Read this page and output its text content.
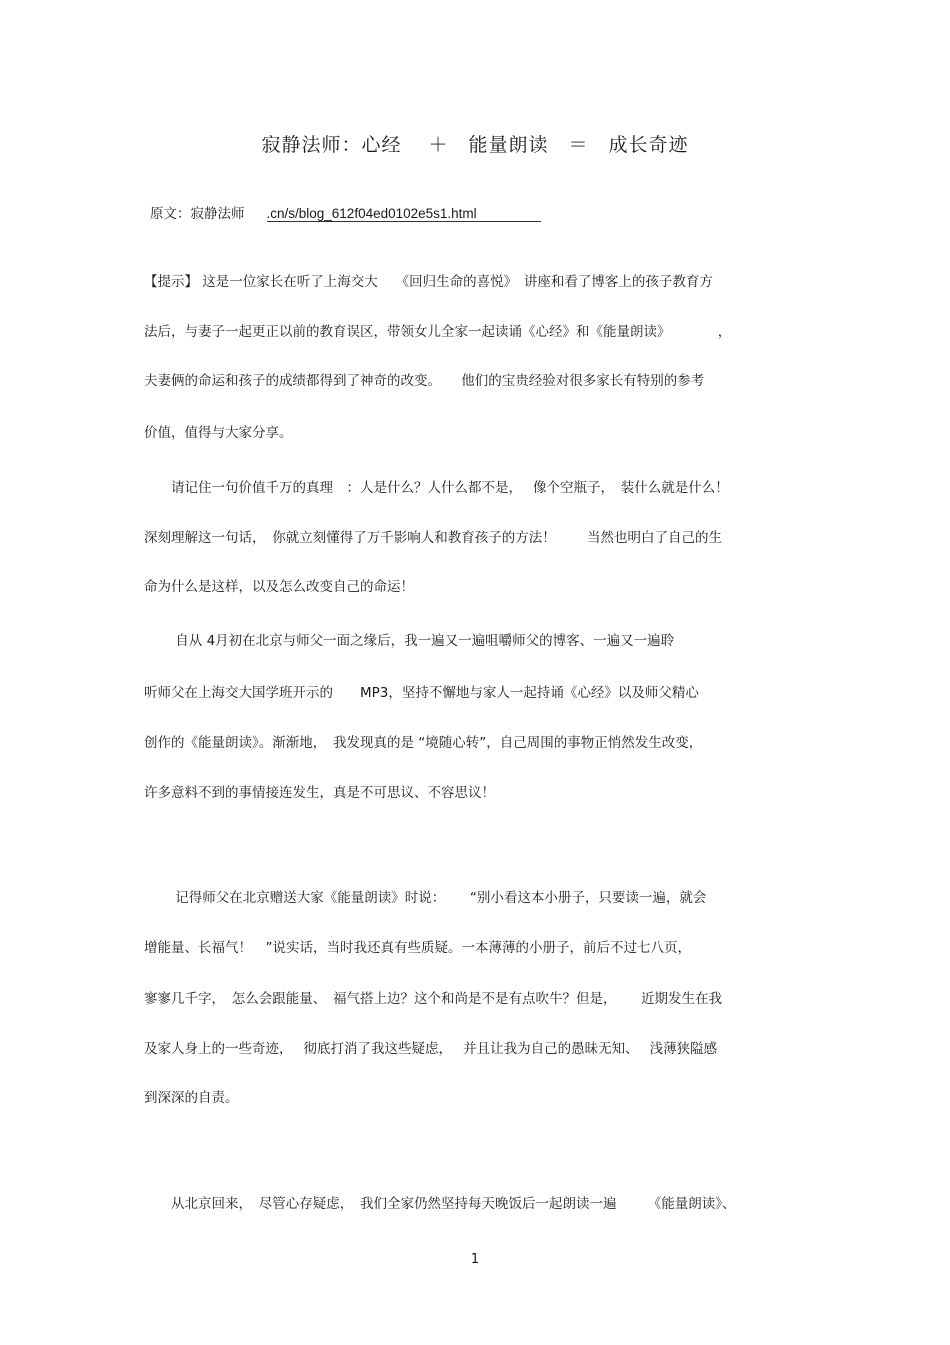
寂静法师：心经　 ＋　能量朗读　＝　成长奇迹
原文：寂静法师 .cn/s/blog_612f04ed0102e5s1.html
【提示】 这是一位家长在听了上海交大　 《回归生命的喜悦》　讲座和看了博客上的孩子教育方
法后，与妻子一起更正以前的教育误区，带领女儿全家一起读诵《心经》和《能量朗读》　　　　，
夫妻俩的命运和孩子的成绩都得到了神奇的改变。　　他们的宝贵经验对很多家长有特别的参考
价值，值得与大家分享。
　　请记住一句价值千万的真理　：人是什么？人什么都不是，　 像个空瓶子，　装什么就是什么！
深刻理解这一句话，　你就立刻懂得了万千影响人和教育孩子的方法！　　 当然也明白了自己的生
命为什么是这样，以及怎么改变自己的命运！
　　 自从 4月初在北京与师父一面之缘后，我一遍又一遍咀嚼师父的博客、一遍又一遍聆
听师父在上海交大国学班开示的　　MP3，坚持不懈地与家人一起持诵《心经》以及师父精心
创作的《能量朗读》。渐渐地，　我发现真的是 “境随心转”，自己周围的事物正悄然发生改变，
许多意料不到的事情接连发生，真是不可思议、不容思议！
　　 记得师父在北京赠送大家《能量朗读》时说：　　 “别小看这本小册子，只要读一遍，就会
增能量、长福气！　”说实话，当时我还真有些质疑。一本薄薄的小册子，前后不过七八页，
寥寥几千字，　怎么会跟能量、　福气搭上边？这个和尚是不是有点吹牛？但是，　　 近期发生在我
及家人身上的一些奇迹，　 彻底打消了我这些疑虑，　 并且让我为自己的愚昧无知、　 浅薄狭隘感
到深深的自责。
　　从北京回来，　尽管心存疑虑，　我们全家仍然坚持每天晚饭后一起朗读一遍　　 《能量朗读》、
1
